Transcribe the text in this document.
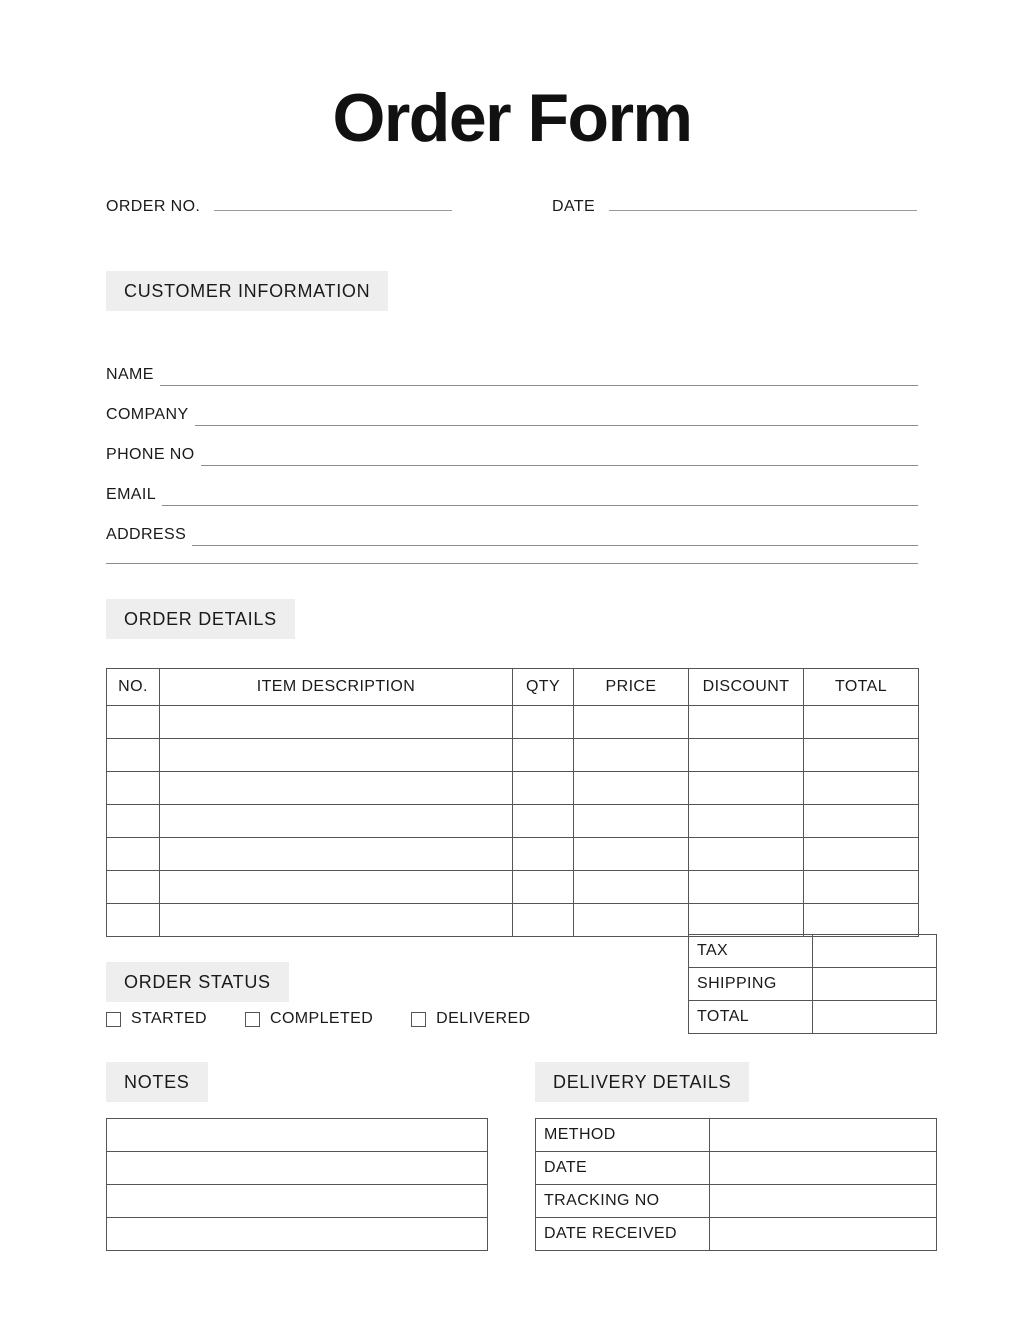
Order Form
ORDER NO.	DATE
CUSTOMER INFORMATION
NAME
COMPANY
PHONE NO
EMAIL
ADDRESS
ORDER DETAILS
NO.	ITEM DESCRIPTION	QTY	PRICE	DISCOUNT	TOTAL

TAX	
SHIPPING	
TOTAL	
ORDER STATUS
STARTED	COMPLETED	DELIVERED
NOTES	DELIVERY DETAILS
METHOD	
DATE	
TRACKING NO	
DATE RECEIVED	
